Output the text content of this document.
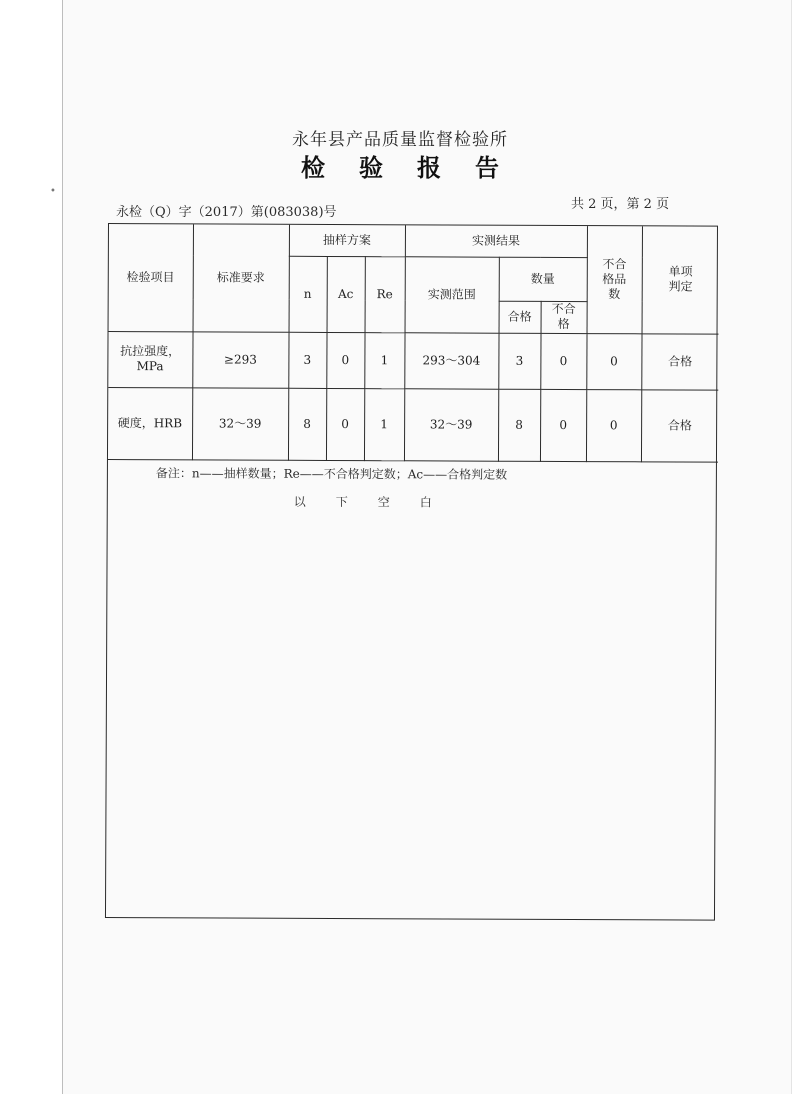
•
永年县产品质量监督检验所
检验报告
永检（Q）字（2017）第(083038)号
共 2 页，第 2 页
检验项目	标准要求	抽样方案			实测结果			不合格品数	单项判定

		n	Ac	Re	实测范围	数量			
						合格	不合格		

抗拉强度，MPa	≥293	3	0	1	293～304	3	0	0	合格
硬度，HRB	32～39	8	0	1	32～39	8	0	0	合格
备注：n——抽样数量；Re——不合格判定数；Ac——合格判定数
以下空白
